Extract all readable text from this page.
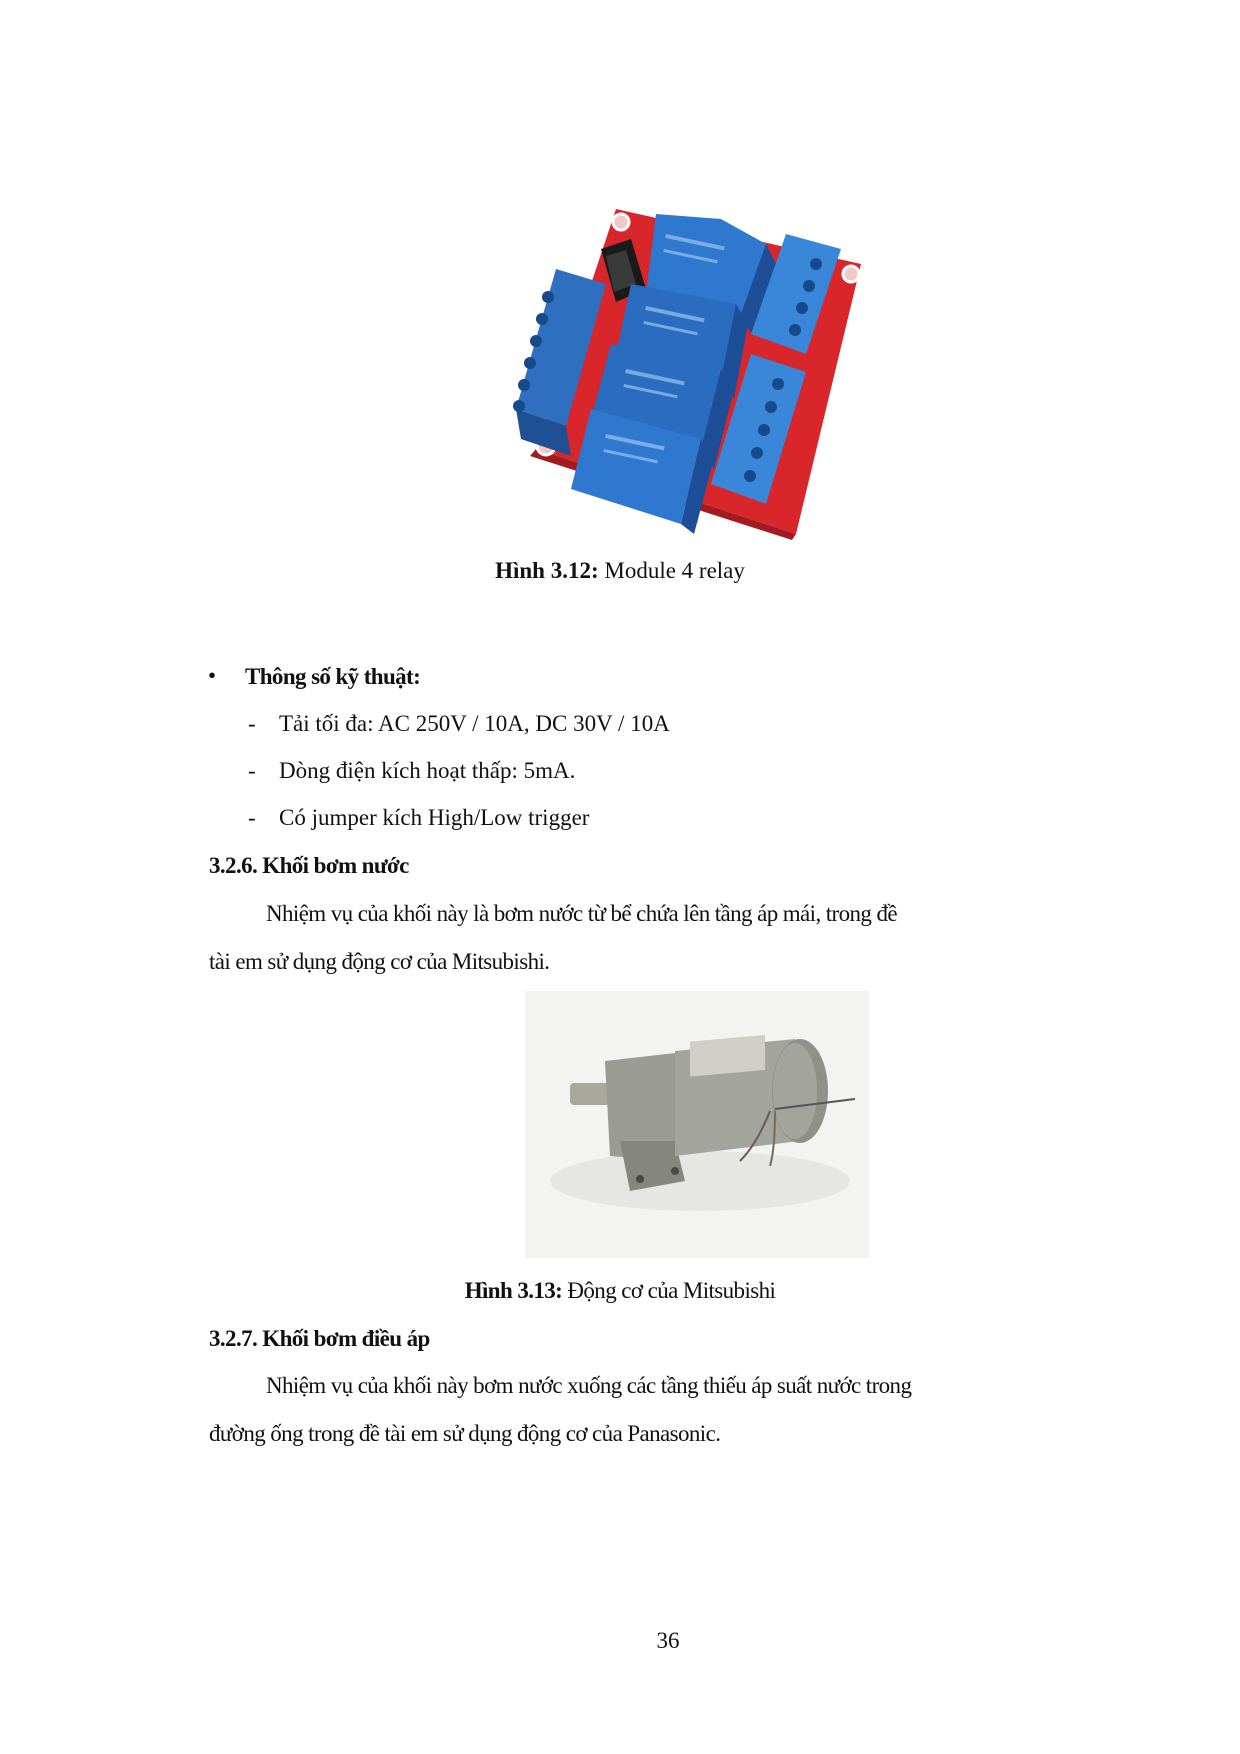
Hình 3.12: Module 4 relay
• Thông số kỹ thuật:
- Tải tối đa: AC 250V / 10A, DC 30V / 10A
- Dòng điện kích hoạt thấp: 5mA.
- Có jumper kích High/Low trigger
3.2.6. Khối bơm nước
Nhiệm vụ của khối này là bơm nước từ bể chứa lên tầng áp mái, trong đề
tài em sử dụng động cơ của Mitsubishi.
Hình 3.13: Động cơ của Mitsubishi
3.2.7. Khối bơm điều áp
Nhiệm vụ của khối này bơm nước xuống các tầng thiếu áp suất nước trong
đường ống trong đề tài em sử dụng động cơ của Panasonic.
36
